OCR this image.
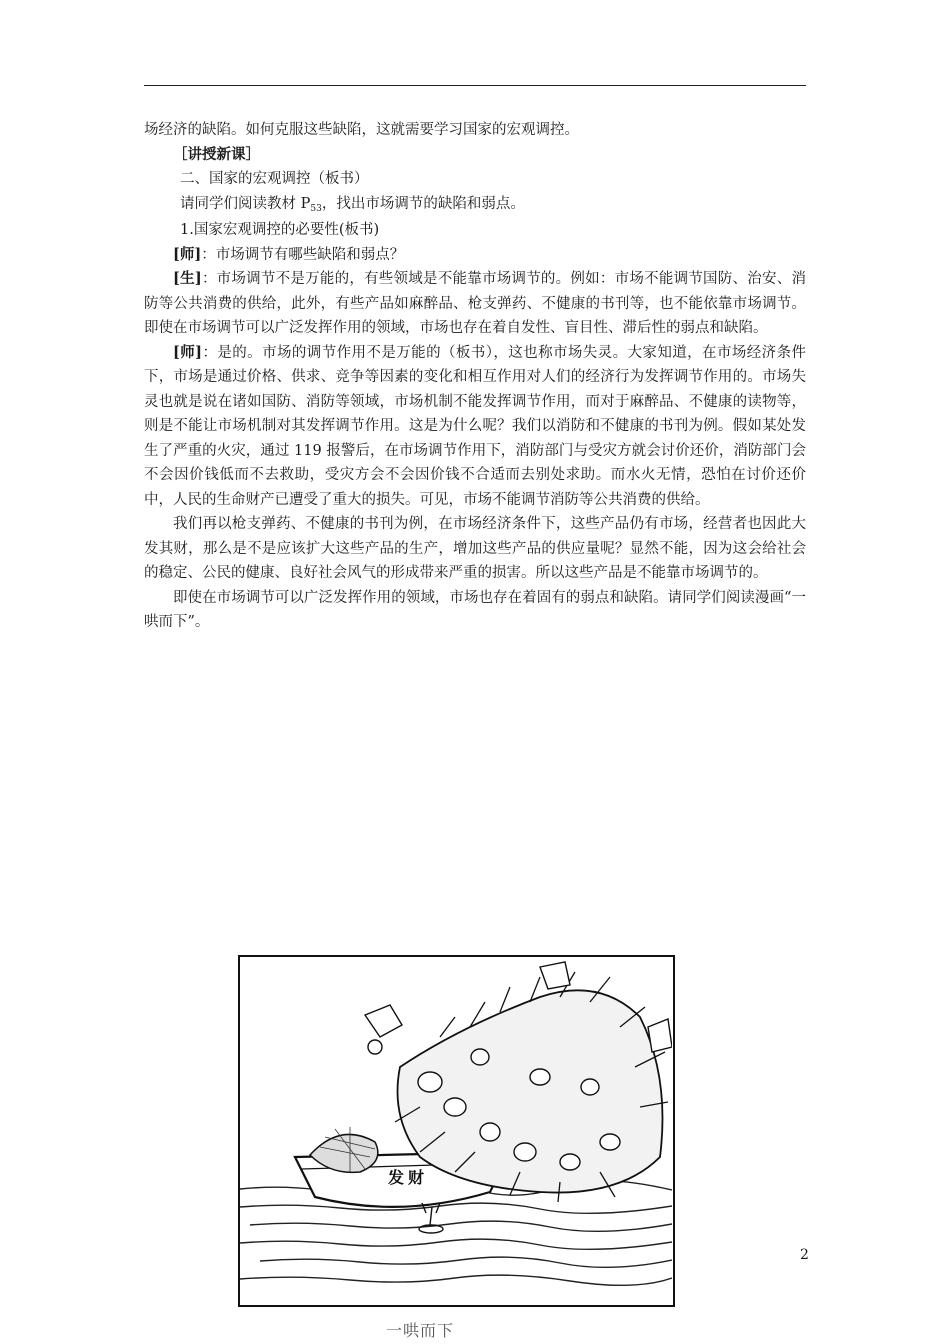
场经济的缺陷。如何克服这些缺陷，这就需要学习国家的宏观调控。

［讲授新课］

二、国家的宏观调控（板书）

请同学们阅读教材 $P_{53}$，找出市场调节的缺陷和弱点。

1.国家宏观调控的必要性(板书)

[师]：市场调节有哪些缺陷和弱点？

[生]：市场调节不是万能的，有些领域是不能靠市场调节的。例如：市场不能调节国防、治安、消防等公共消费的供给，此外，有些产品如麻醉品、枪支弹药、不健康的书刊等，也不能依靠市场调节。即使在市场调节可以广泛发挥作用的领域，市场也存在着自发性、盲目性、滞后性的弱点和缺陷。

[师]：是的。市场的调节作用不是万能的（板书），这也称市场失灵。大家知道，在市场经济条件下，市场是通过价格、供求、竞争等因素的变化和相互作用对人们的经济行为发挥调节作用的。市场失灵也就是说在诸如国防、消防等领域，市场机制不能发挥调节作用，而对于麻醉品、不健康的读物等，则是不能让市场机制对其发挥调节作用。这是为什么呢？我们以消防和不健康的书刊为例。假如某处发生了严重的火灾，通过 119 报警后，在市场调节作用下，消防部门与受灾方就会讨价还价，消防部门会不会因价钱低而不去救助，受灾方会不会因价钱不合适而去别处求助。而水火无情，恐怕在讨价还价中，人民的生命财产已遭受了重大的损失。可见，市场不能调节消防等公共消费的供给。

我们再以枪支弹药、不健康的书刊为例，在市场经济条件下，这些产品仍有市场，经营者也因此大发其财，那么是不是应该扩大这些产品的生产，增加这些产品的供应量呢？显然不能，因为这会给社会的稳定、公民的健康、良好社会风气的形成带来严重的损害。所以这些产品是不能靠市场调节的。

即使在市场调节可以广泛发挥作用的领域，市场也存在着固有的弱点和缺陷。请同学们阅读漫画“一哄而下”。

发 财
一哄而下
2
